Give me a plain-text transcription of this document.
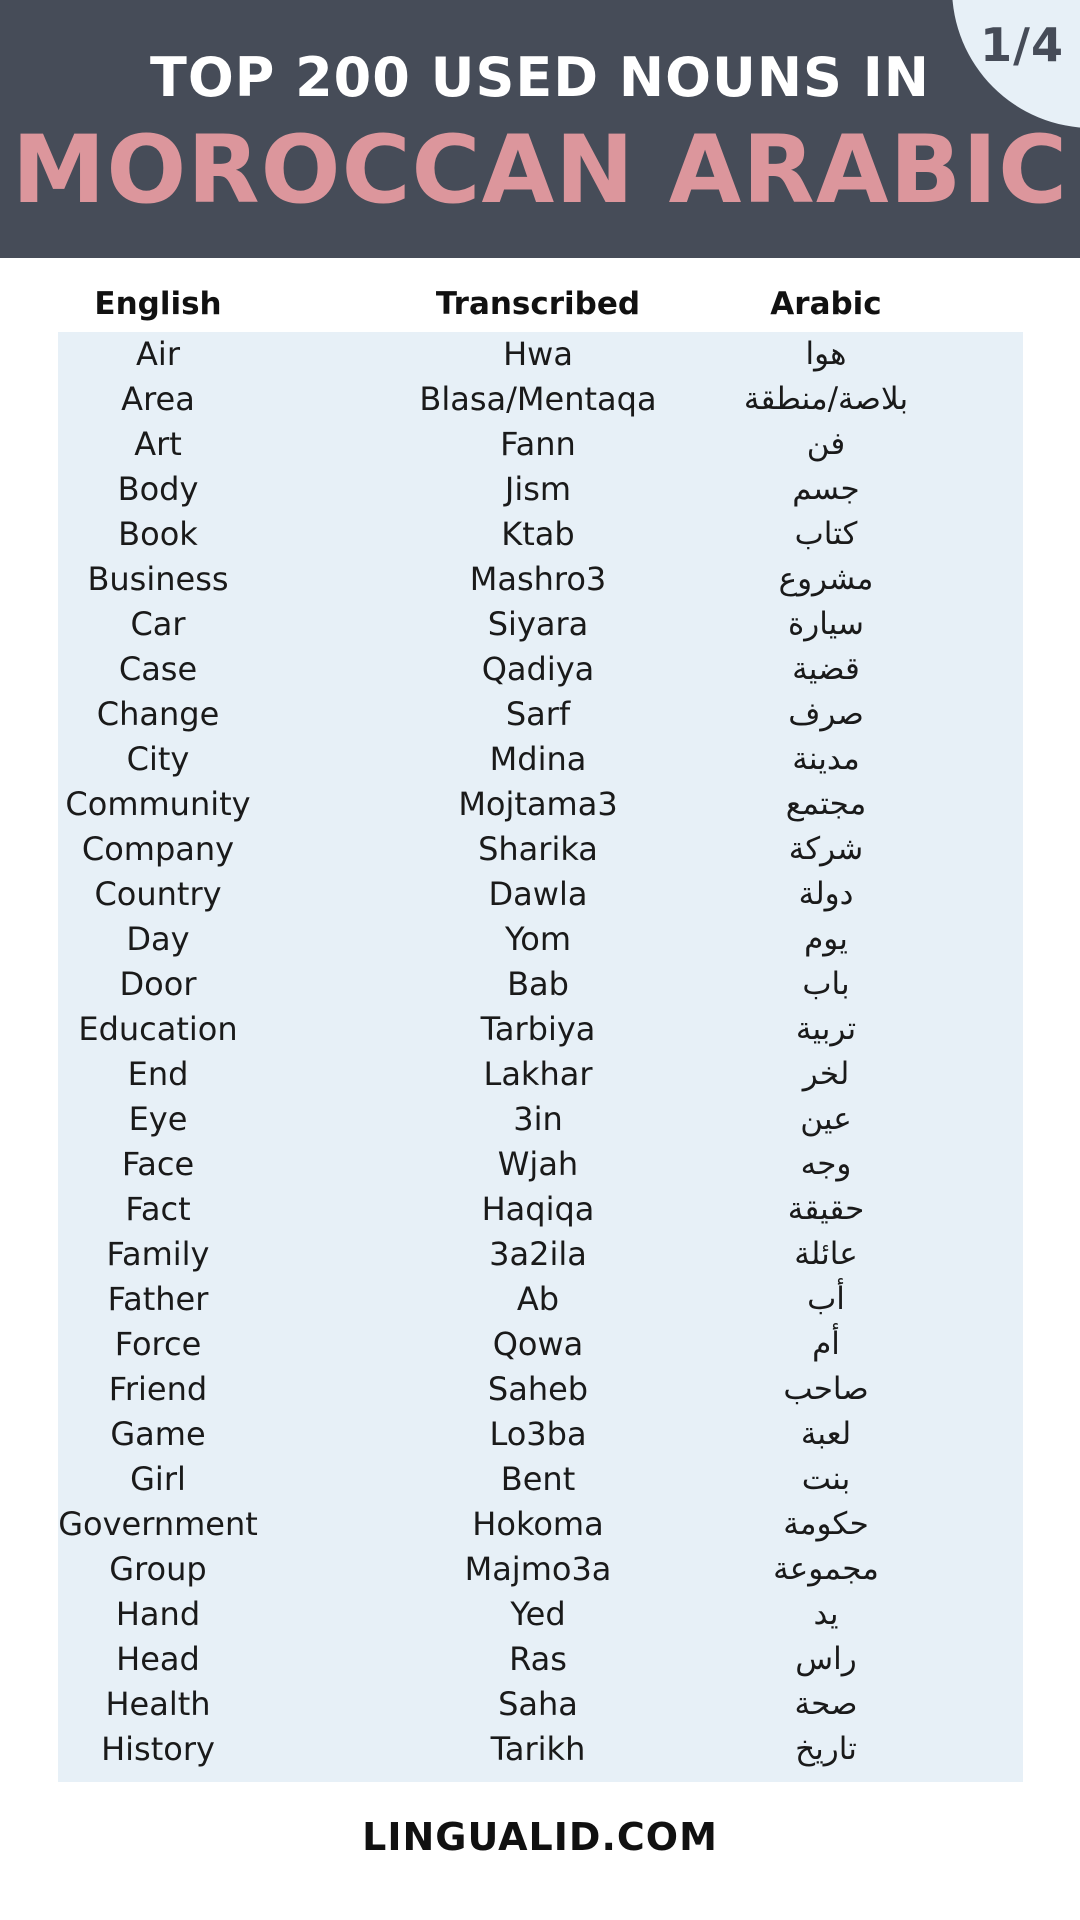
1/4
TOP 200 USED NOUNS IN
MOROCCAN ARABIC
English	Transcribed	Arabic
Air	Hwa	هوا
Area	Blasa/Mentaqa	بلاصة/منطقة
Art	Fann	فن
Body	Jism	جسم
Book	Ktab	كتاب
Business	Mashro3	مشروع
Car	Siyara	سيارة
Case	Qadiya	قضية
Change	Sarf	صرف
City	Mdina	مدينة
Community	Mojtama3	مجتمع
Company	Sharika	شركة
Country	Dawla	دولة
Day	Yom	يوم
Door	Bab	باب
Education	Tarbiya	تربية
End	Lakhar	لخر
Eye	3in	عين
Face	Wjah	وجه
Fact	Haqiqa	حقيقة
Family	3a2ila	عائلة
Father	Ab	أب
Force	Qowa	أم
Friend	Saheb	صاحب
Game	Lo3ba	لعبة
Girl	Bent	بنت
Government	Hokoma	حكومة
Group	Majmo3a	مجموعة
Hand	Yed	يد
Head	Ras	راس
Health	Saha	صحة
History	Tarikh	تاريخ
LINGUALID.COM
